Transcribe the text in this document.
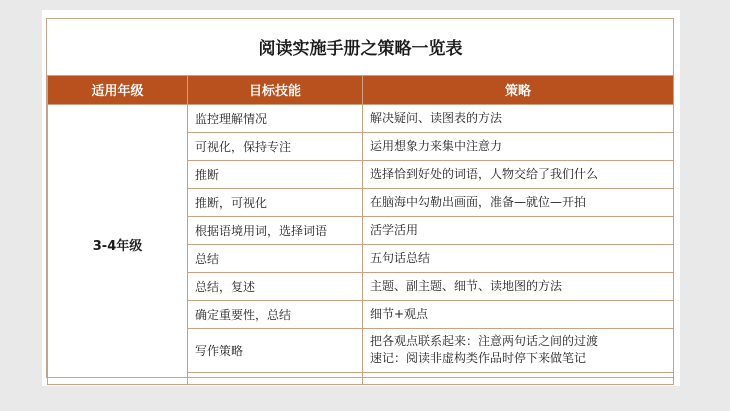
阅读实施手册之策略一览表		
适用年级	目标技能	策略
3-4年级	监控理解情况	解决疑问、读图表的方法

	可视化，保持专注	运用想象力来集中注意力

	推断	选择恰到好处的词语，人物交给了我们什么

	推断，可视化	在脑海中勾勒出画面，准备—就位—开拍

	根据语境用词，选择词语	活学活用

	总结	五句话总结

	总结，复述	主题、副主题、细节、读地图的方法

	确定重要性，总结	细节+观点

	写作策略	把各观点联系起来：注意两句话之间的过渡
速记：阅读非虚构类作品时停下来做笔记
